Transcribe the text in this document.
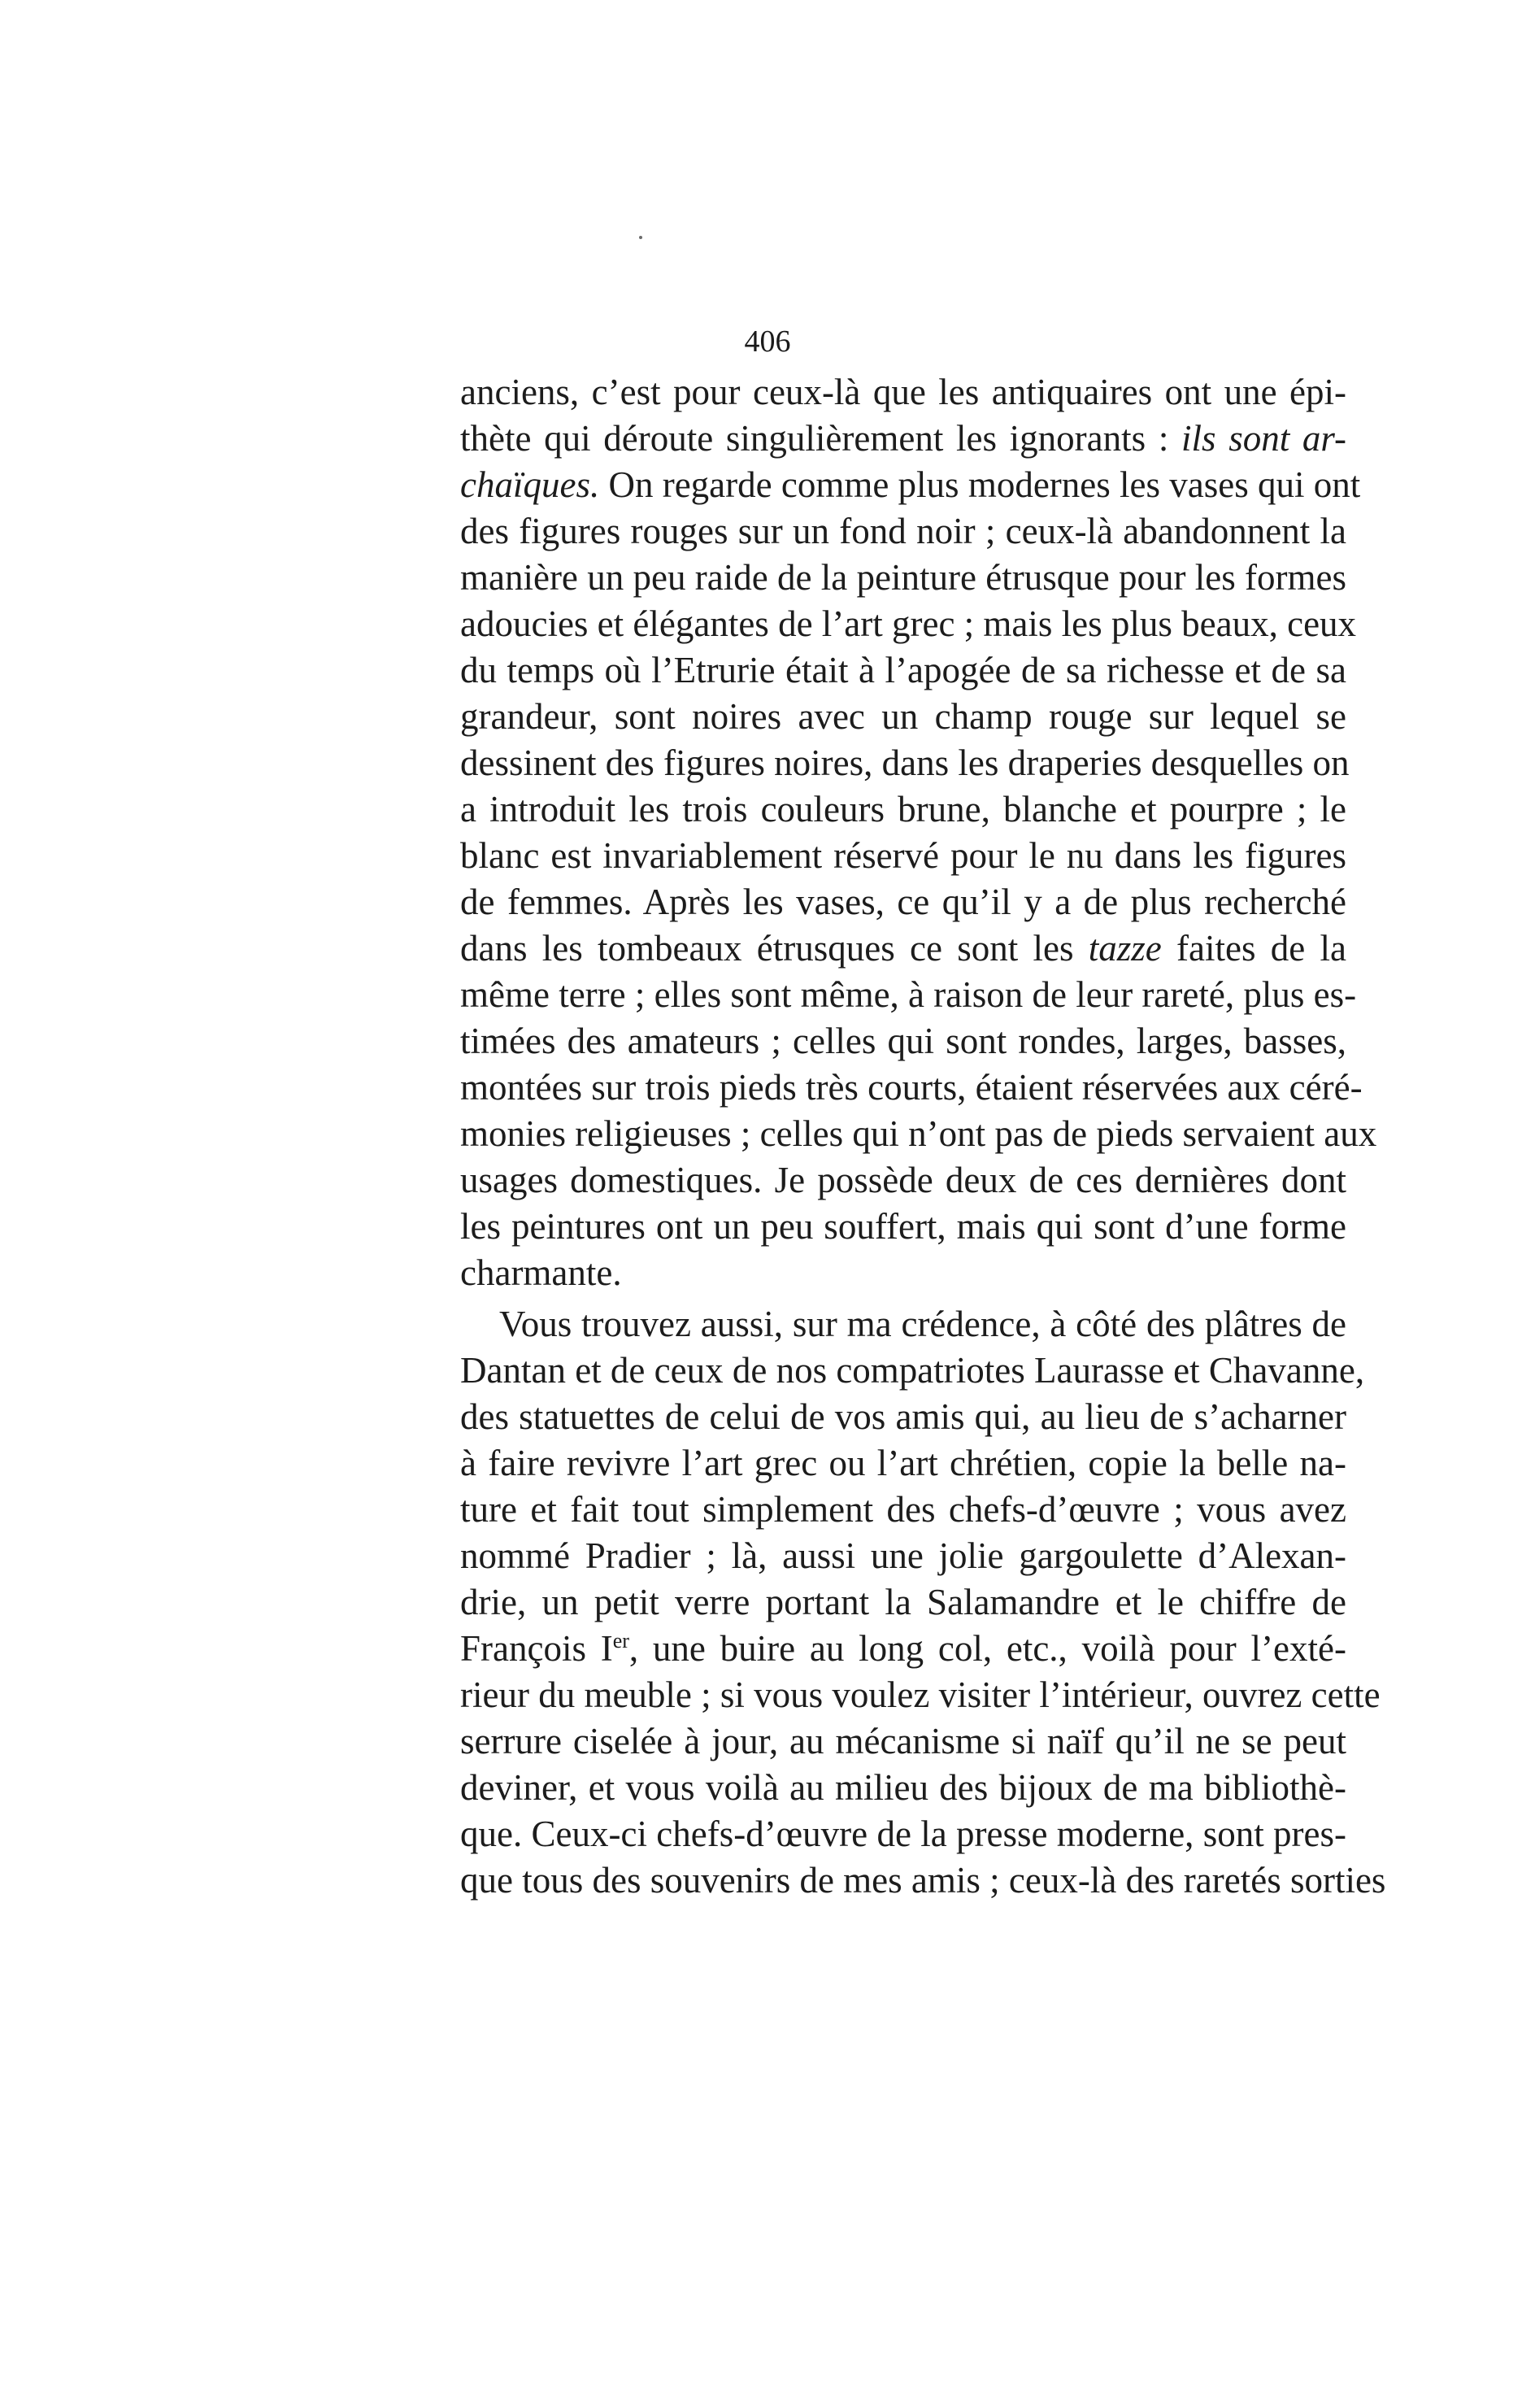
406
anciens, c’est pour ceux-là que les antiquaires ont une épi-
thète qui déroute singulièrement les ignorants : ils sont ar-
chaïques. On regarde comme plus modernes les vases qui ont
des figures rouges sur un fond noir ; ceux-là abandonnent la
manière un peu raide de la peinture étrusque pour les formes
adoucies et élégantes de l’art grec ; mais les plus beaux, ceux
du temps où l’Etrurie était à l’apogée de sa richesse et de sa
grandeur, sont noires avec un champ rouge sur lequel se
dessinent des figures noires, dans les draperies desquelles on
a introduit les trois couleurs brune, blanche et pourpre ; le
blanc est invariablement réservé pour le nu dans les figures
de femmes. Après les vases, ce qu’il y a de plus recherché
dans les tombeaux étrusques ce sont les tazze faites de la
même terre ; elles sont même, à raison de leur rareté, plus es-
timées des amateurs ; celles qui sont rondes, larges, basses,
montées sur trois pieds très courts, étaient réservées aux céré-
monies religieuses ; celles qui n’ont pas de pieds servaient aux
usages domestiques. Je possède deux de ces dernières dont
les peintures ont un peu souffert, mais qui sont d’une forme
charmante.
Vous trouvez aussi, sur ma crédence, à côté des plâtres de
Dantan et de ceux de nos compatriotes Laurasse et Chavanne,
des statuettes de celui de vos amis qui, au lieu de s’acharner
à faire revivre l’art grec ou l’art chrétien, copie la belle na-
ture et fait tout simplement des chefs-d’œuvre ; vous avez
nommé Pradier ; là, aussi une jolie gargoulette d’Alexan-
drie, un petit verre portant la Salamandre et le chiffre de
François Ier, une buire au long col, etc., voilà pour l’exté-
rieur du meuble ; si vous voulez visiter l’intérieur, ouvrez cette
serrure ciselée à jour, au mécanisme si naïf qu’il ne se peut
deviner, et vous voilà au milieu des bijoux de ma bibliothè-
que. Ceux-ci chefs-d’œuvre de la presse moderne, sont pres-
que tous des souvenirs de mes amis ; ceux-là des raretés sorties
